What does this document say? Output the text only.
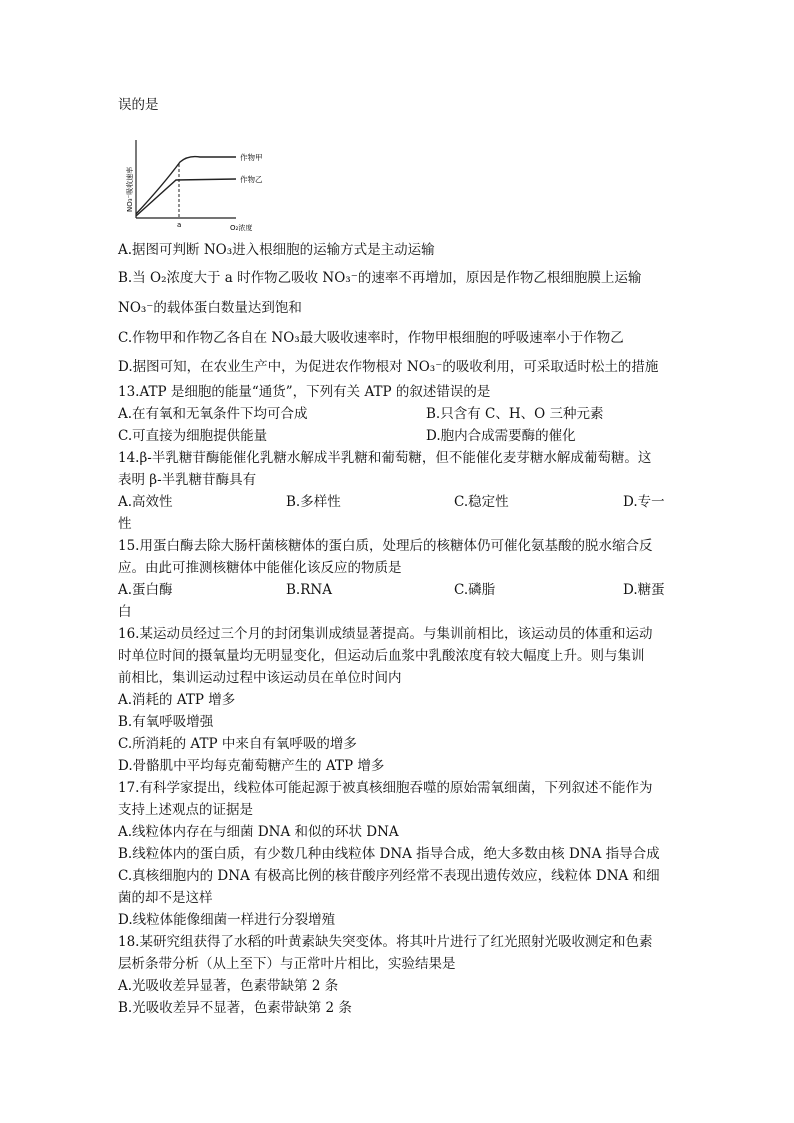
误的是
NO₃⁻吸收速率
a	O₂浓度
作物甲
作物乙
A.据图可判断 NO₃进入根细胞的运输方式是主动运输
B.当 O₂浓度大于 a 时作物乙吸收 NO₃⁻的速率不再增加，原因是作物乙根细胞膜上运输
NO₃⁻的载体蛋白数量达到饱和
C.作物甲和作物乙各自在 NO₃最大吸收速率时，作物甲根细胞的呼吸速率小于作物乙
D.据图可知，在农业生产中，为促进农作物根对 NO₃⁻的吸收利用，可采取适时松土的措施
13.ATP 是细胞的能量“通货”，下列有关 ATP 的叙述错误的是
A.在有氧和无氧条件下均可合成	B.只含有 C、H、O 三种元素
C.可直接为细胞提供能量	D.胞内合成需要酶的催化
14.β-半乳糖苷酶能催化乳糖水解成半乳糖和葡萄糖，但不能催化麦芽糖水解成葡萄糖。这
表明 β-半乳糖苷酶具有
A.高效性	B.多样性	C.稳定性	D.专一
性
15.用蛋白酶去除大肠杆菌核糖体的蛋白质，处理后的核糖体仍可催化氨基酸的脱水缩合反
应。由此可推测核糖体中能催化该反应的物质是
A.蛋白酶	B.RNA	C.磷脂	D.糖蛋
白
16.某运动员经过三个月的封闭集训成绩显著提高。与集训前相比，该运动员的体重和运动
时单位时间的摄氧量均无明显变化，但运动后血浆中乳酸浓度有较大幅度上升。则与集训
前相比，集训运动过程中该运动员在单位时间内
A.消耗的 ATP 增多
B.有氧呼吸增强
C.所消耗的 ATP 中来自有氧呼吸的增多
D.骨骼肌中平均每克葡萄糖产生的 ATP 增多
17.有科学家提出，线粒体可能起源于被真核细胞吞噬的原始需氧细菌，下列叙述不能作为
支持上述观点的证据是
A.线粒体内存在与细菌 DNA 和似的环状 DNA
B.线粒体内的蛋白质，有少数几种由线粒体 DNA 指导合成，绝大多数由核 DNA 指导合成
C.真核细胞内的 DNA 有极高比例的核苷酸序列经常不表现出遗传效应，线粒体 DNA 和细
菌的却不是这样
D.线粒体能像细菌一样进行分裂增殖
18.某研究组获得了水稻的叶黄素缺失突变体。将其叶片进行了红光照射光吸收测定和色素
层析条带分析（从上至下）与正常叶片相比，实验结果是
A.光吸收差异显著，色素带缺第 2 条
B.光吸收差异不显著，色素带缺第 2 条
